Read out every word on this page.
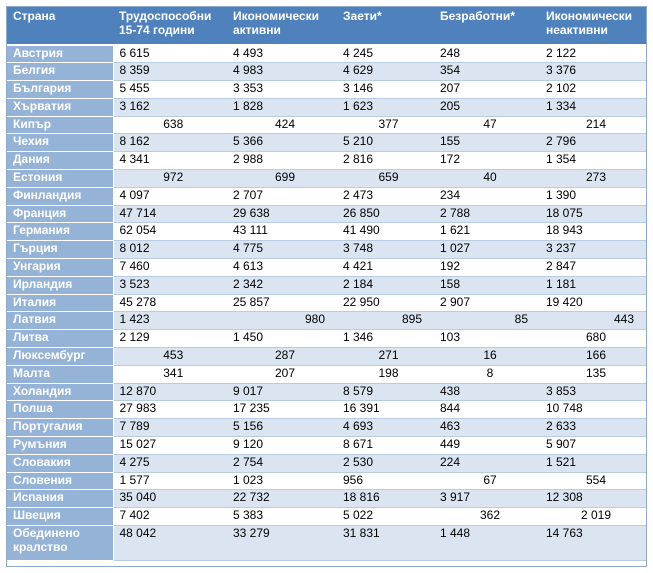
Страна	Трудоспособни 15-74 години	Икономически активни	Заети*	Безработни*	Икономически неактивни
Австрия	6 615	4 493	4 245	248	2 122
Белгия	8 359	4 983	4 629	354	3 376
България	5 455	3 353	3 146	207	2 102
Хърватия	3 162	1 828	1 623	205	1 334
Кипър	638	424	377	47	214
Чехия	8 162	5 366	5 210	155	2 796
Дания	4 341	2 988	2 816	172	1 354
Естония	972	699	659	40	273
Финландия	4 097	2 707	2 473	234	1 390
Франция	47 714	29 638	26 850	2 788	18 075
Германия	62 054	43 111	41 490	1 621	18 943
Гърция	8 012	4 775	3 748	1 027	3 237
Унгария	7 460	4 613	4 421	192	2 847
Ирландия	3 523	2 342	2 184	158	1 181
Италия	45 278	25 857	22 950	2 907	19 420
Латвия	1 423	980	895	85	443
Литва	2 129	1 450	1 346	103	680
Люксембург	453	287	271	16	166
Малта	341	207	198	8	135
Холандия	12 870	9 017	8 579	438	3 853
Полша	27 983	17 235	16 391	844	10 748
Португалия	7 789	5 156	4 693	463	2 633
Румъния	15 027	9 120	8 671	449	5 907
Словакия	4 275	2 754	2 530	224	1 521
Словения	1 577	1 023	956	67	554
Испания	35 040	22 732	18 816	3 917	12 308
Швеция	7 402	5 383	5 022	362	2 019
Обединено кралство	48 042	33 279	31 831	1 448	14 763
